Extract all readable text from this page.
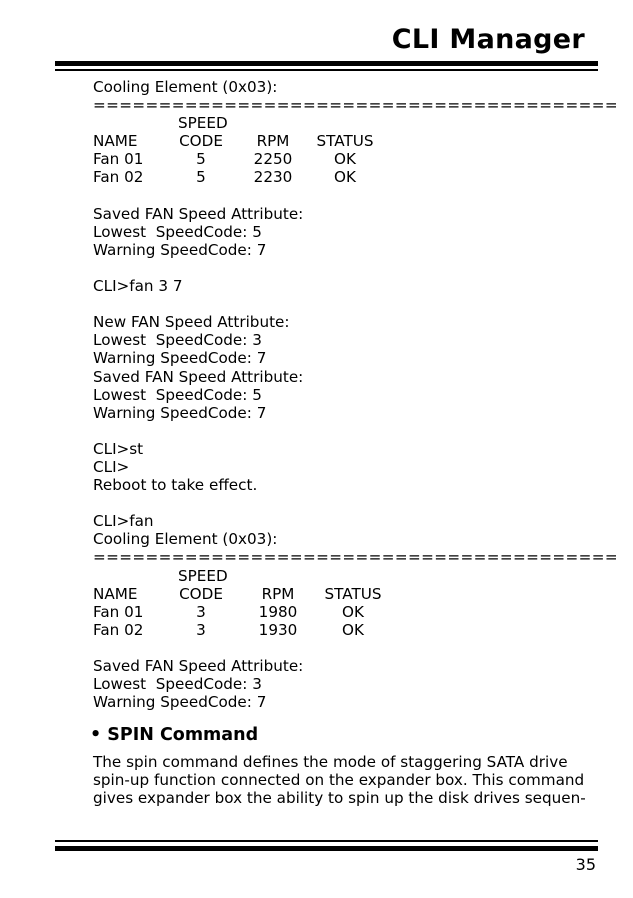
CLI Manager
Cooling Element (0x03):
========================================
SPEED
NAME	CODE	RPM	STATUS
Fan 01	5	2250	OK
Fan 02	5	2230	OK
Saved FAN Speed Attribute:
Lowest  SpeedCode: 5
Warning SpeedCode: 7
CLI>fan 3 7
New FAN Speed Attribute:
Lowest  SpeedCode: 3
Warning SpeedCode: 7
Saved FAN Speed Attribute:
Lowest  SpeedCode: 5
Warning SpeedCode: 7
CLI>st
CLI>
Reboot to take effect.
CLI>fan
Cooling Element (0x03):
========================================
SPEED
NAME	CODE	RPM	STATUS
Fan 01	3	1980	OK
Fan 02	3	1930	OK
Saved FAN Speed Attribute:
Lowest  SpeedCode: 3
Warning SpeedCode: 7
• SPIN Command
The spin command defines the mode of staggering SATA drive
spin-up function connected on the expander box. This command
gives expander box the ability to spin up the disk drives sequen-
35
